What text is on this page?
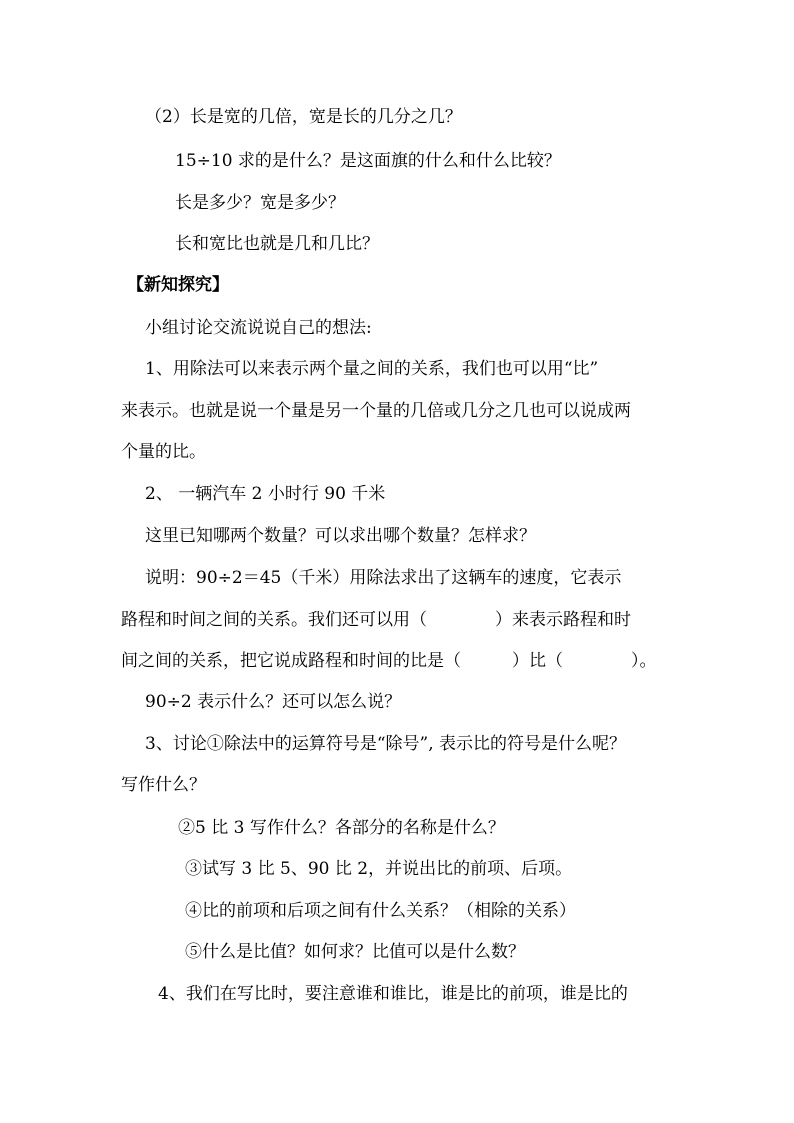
（2）长是宽的几倍，宽是长的几分之几？

15÷10 求的是什么？是这面旗的什么和什么比较？

长是多少？宽是多少？

长和宽比也就是几和几比？

【新知探究】

小组讨论交流说说自己的想法:

1、用除法可以来表示两个量之间的关系，我们也可以用“比”

来表示。也就是说一个量是另一个量的几倍或几分之几也可以说成两

个量的比。

2、 一辆汽车 2 小时行 90 千米

这里已知哪两个数量？可以求出哪个数量？怎样求？

说明：90÷2＝45（千米）用除法求出了这辆车的速度，它表示

路程和时间之间的关系。我们还可以用（　　　　）来表示路程和时

间之间的关系，把它说成路程和时间的比是（　　　）比（　　　　）。

90÷2 表示什么？还可以怎么说？

3、讨论①除法中的运算符号是“除号”, 表示比的符号是什么呢？

写作什么？

②5 比 3 写作什么？各部分的名称是什么？

③试写 3 比 5、90 比 2，并说出比的前项、后项。

④比的前项和后项之间有什么关系？（相除的关系）

⑤什么是比值？如何求？比值可以是什么数？

4、我们在写比时，要注意谁和谁比，谁是比的前项，谁是比的
